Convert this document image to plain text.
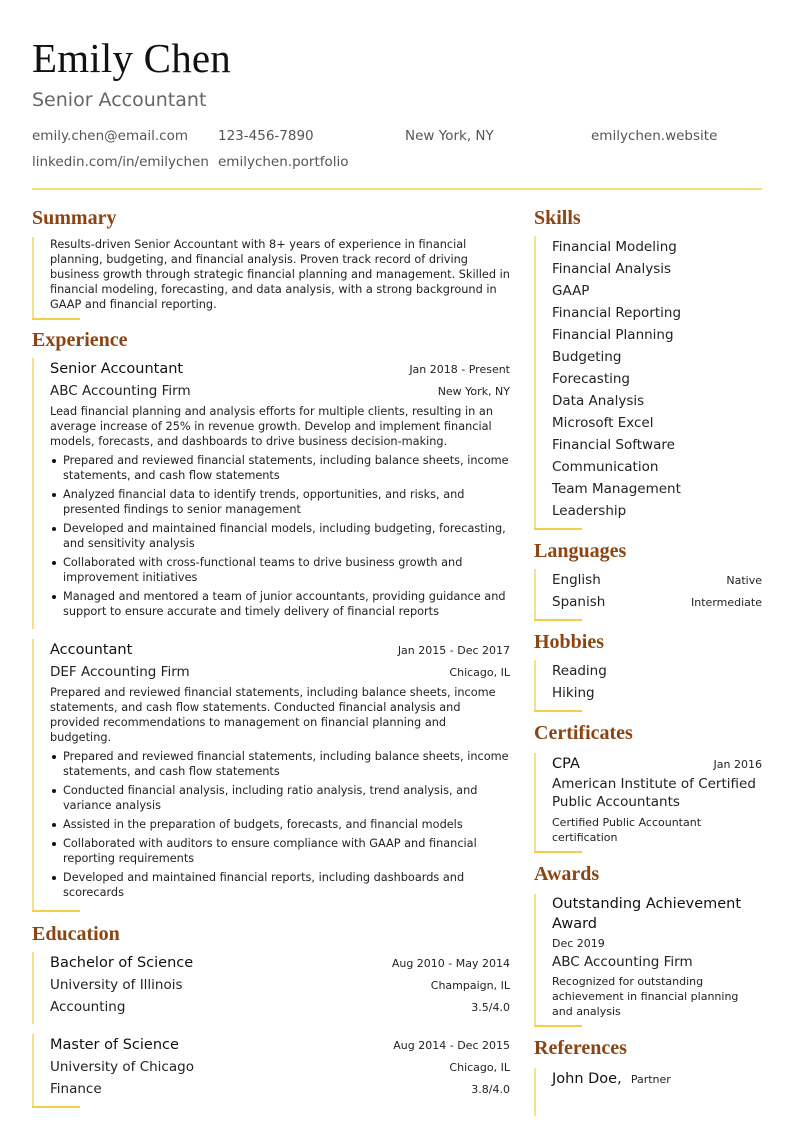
Emily Chen
Senior Accountant
emily.chen@email.com 123-456-7890	New York, NY	emilychen.website
linkedin.com/in/emilychen emilychen.portfolio
Summary

Results-driven Senior Accountant with 8+ years of experience in financial planning, budgeting, and financial analysis. Proven track record of driving business growth through strategic financial planning and management. Skilled in financial modeling, forecasting, and data analysis, with a strong background in GAAP and financial reporting.

Experience
Senior Accountant	Jan 2018 - Present
ABC Accounting Firm	New York, NY

Lead financial planning and analysis efforts for multiple clients, resulting in an average increase of 25% in revenue growth. Develop and implement financial models, forecasts, and dashboards to drive business decision-making.

Prepared and reviewed financial statements, including balance sheets, income statements, and cash flow statements
Analyzed financial data to identify trends, opportunities, and risks, and presented findings to senior management
Developed and maintained financial models, including budgeting, forecasting, and sensitivity analysis
Collaborated with cross-functional teams to drive business growth and improvement initiatives
Managed and mentored a team of junior accountants, providing guidance and support to ensure accurate and timely delivery of financial reports
Accountant	Jan 2015 - Dec 2017
DEF Accounting Firm	Chicago, IL

Prepared and reviewed financial statements, including balance sheets, income statements, and cash flow statements. Conducted financial analysis and provided recommendations to management on financial planning and budgeting.

Prepared and reviewed financial statements, including balance sheets, income statements, and cash flow statements
Conducted financial analysis, including ratio analysis, trend analysis, and variance analysis
Assisted in the preparation of budgets, forecasts, and financial models
Collaborated with auditors to ensure compliance with GAAP and financial reporting requirements
Developed and maintained financial reports, including dashboards and scorecards
Education
Bachelor of Science	Aug 2010 - May 2014
University of Illinois	Champaign, IL
Accounting	3.5/4.0
Master of Science	Aug 2014 - Dec 2015
University of Chicago	Chicago, IL
Finance	3.8/4.0
Skills
Financial Modeling
Financial Analysis
GAAP
Financial Reporting
Financial Planning
Budgeting
Forecasting
Data Analysis
Microsoft Excel
Financial Software
Communication
Team Management
Leadership
Languages
English	Native
Spanish	Intermediate
Hobbies
Reading
Hiking
Certificates
CPA	Jan 2016
American Institute of Certified Public Accountants
Certified Public Accountant certification
Awards
Outstanding Achievement Award
Dec 2019
ABC Accounting Firm
Recognized for outstanding achievement in financial planning and analysis
References
John Doe, Partner
